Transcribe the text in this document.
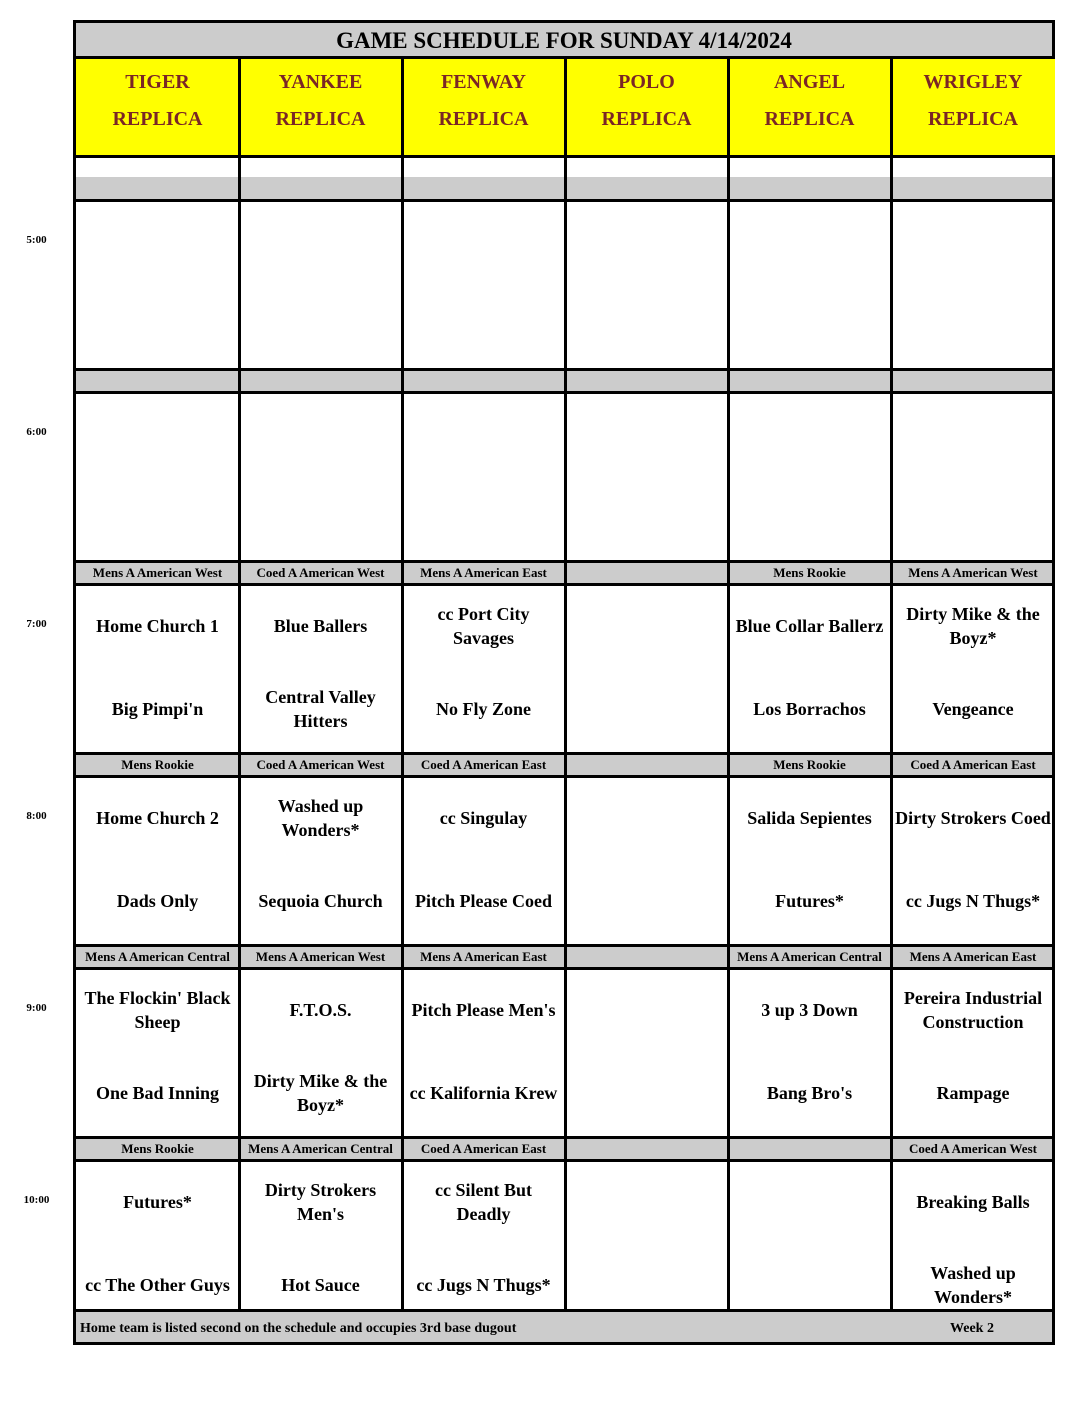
5:00
6:00
7:00
8:00
9:00
10:00
GAME SCHEDULE FOR SUNDAY 4/14/2024
TIGER
REPLICA
YANKEE
REPLICA
FENWAY
REPLICA
POLO
REPLICA
ANGEL
REPLICA
WRIGLEY
REPLICA
Mens A American West
Home Church 1
Big Pimpi'n
Coed A American West
Blue Ballers
Central Valley Hitters
Mens A American East
cc Port City Savages
No Fly Zone
Mens Rookie
Blue Collar Ballerz
Los Borrachos
Mens A American West
Dirty Mike & the Boyz*
Vengeance
Mens Rookie
Home Church 2
Dads Only
Coed A American West
Washed up Wonders*
Sequoia Church
Coed A American East
cc Singulay
Pitch Please Coed
Mens Rookie
Salida Sepientes
Futures*
Coed A American East
Dirty Strokers Coed
cc Jugs N Thugs*
Mens A American Central
The Flockin' Black Sheep
One Bad Inning
Mens A American West
F.T.O.S.
Dirty Mike & the Boyz*
Mens A American East
Pitch Please Men's
cc Kalifornia Krew
Mens A American Central
3 up 3 Down
Bang Bro's
Mens A American East
Pereira Industrial Construction
Rampage
Mens Rookie
Futures*
cc The Other Guys
Mens A American Central
Dirty Strokers Men's
Hot Sauce
Coed A American East
cc Silent But Deadly
cc Jugs N Thugs*
Coed A American West
Breaking Balls
Washed up Wonders*
Home team is listed second on the schedule and occupies 3rd base dugout	Week 2
